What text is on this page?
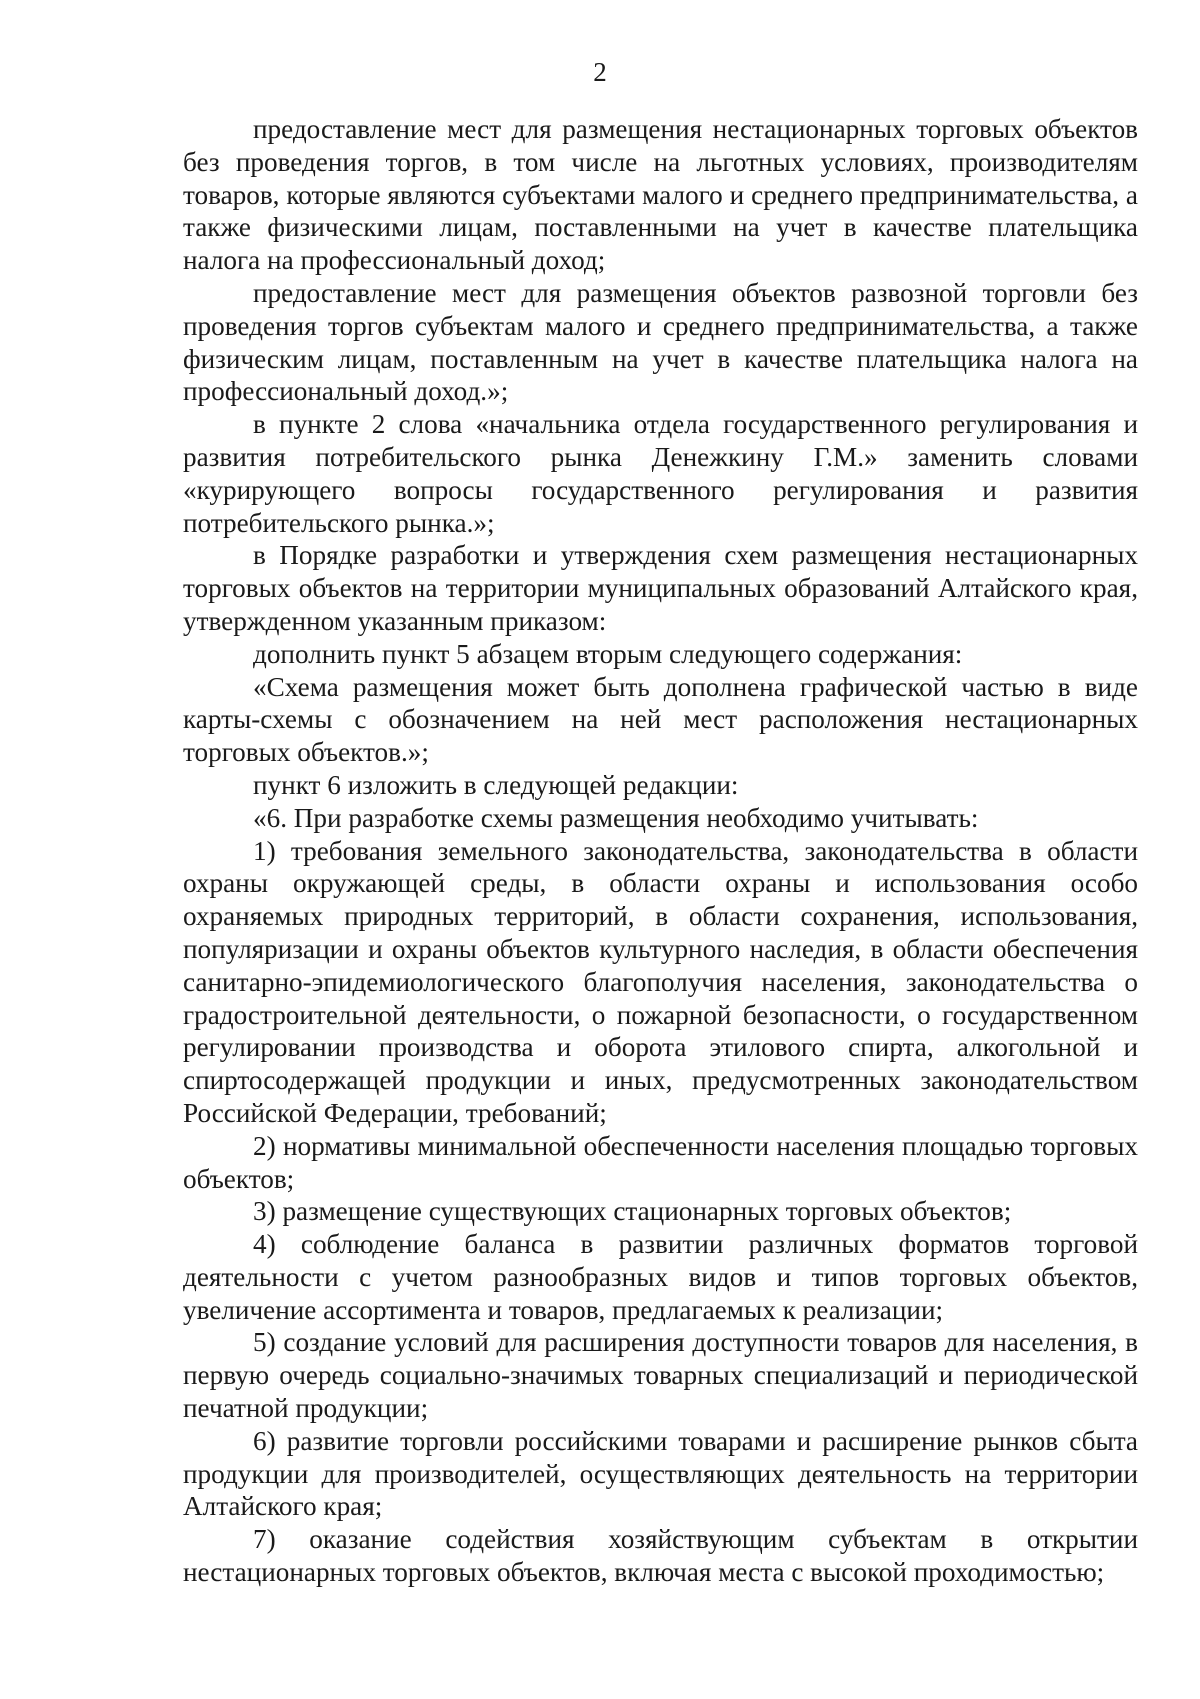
2

предоставление мест для размещения нестационарных торговых объектов без проведения торгов, в том числе на льготных условиях, производителям товаров, которые являются субъектами малого и среднего предпринимательства, а также физическими лицам, поставленными на учет в качестве плательщика налога на профессиональный доход;

предоставление мест для размещения объектов развозной торговли без проведения торгов субъектам малого и среднего предпринимательства, а также физическим лицам, поставленным на учет в качестве плательщика налога на профессиональный доход.»;

в пункте 2 слова «начальника отдела государственного регулирования и развития потребительского рынка Денежкину Г.М.» заменить словами «курирующего вопросы государственного регулирования и развития потребительского рынка.»;

в Порядке разработки и утверждения схем размещения нестационарных торговых объектов на территории муниципальных образований Алтайского края, утвержденном указанным приказом:

дополнить пункт 5 абзацем вторым следующего содержания:

«Схема размещения может быть дополнена графической частью в виде карты-схемы с обозначением на ней мест расположения нестационарных торговых объектов.»;

пункт 6 изложить в следующей редакции:

«6. При разработке схемы размещения необходимо учитывать:

1) требования земельного законодательства, законодательства в области охраны окружающей среды, в области охраны и использования особо охраняемых природных территорий, в области сохранения, использования, популяризации и охраны объектов культурного наследия, в области обеспечения санитарно-эпидемиологического благополучия населения, законодательства о градостроительной деятельности, о пожарной безопасности, о государственном регулировании производства и оборота этилового спирта, алкогольной и спиртосодержащей продукции и иных, предусмотренных законодательством Российской Федерации, требований;

2) нормативы минимальной обеспеченности населения площадью торговых объектов;

3) размещение существующих стационарных торговых объектов;

4) соблюдение баланса в развитии различных форматов торговой деятельности с учетом разнообразных видов и типов торговых объектов, увеличение ассортимента и товаров, предлагаемых к реализации;

5) создание условий для расширения доступности товаров для населения, в первую очередь социально-значимых товарных специализаций и периодической печатной продукции;

6) развитие торговли российскими товарами и расширение рынков сбыта продукции для производителей, осуществляющих деятельность на территории Алтайского края;

7) оказание содействия хозяйствующим субъектам в открытии нестационарных торговых объектов, включая места с высокой проходимостью;
